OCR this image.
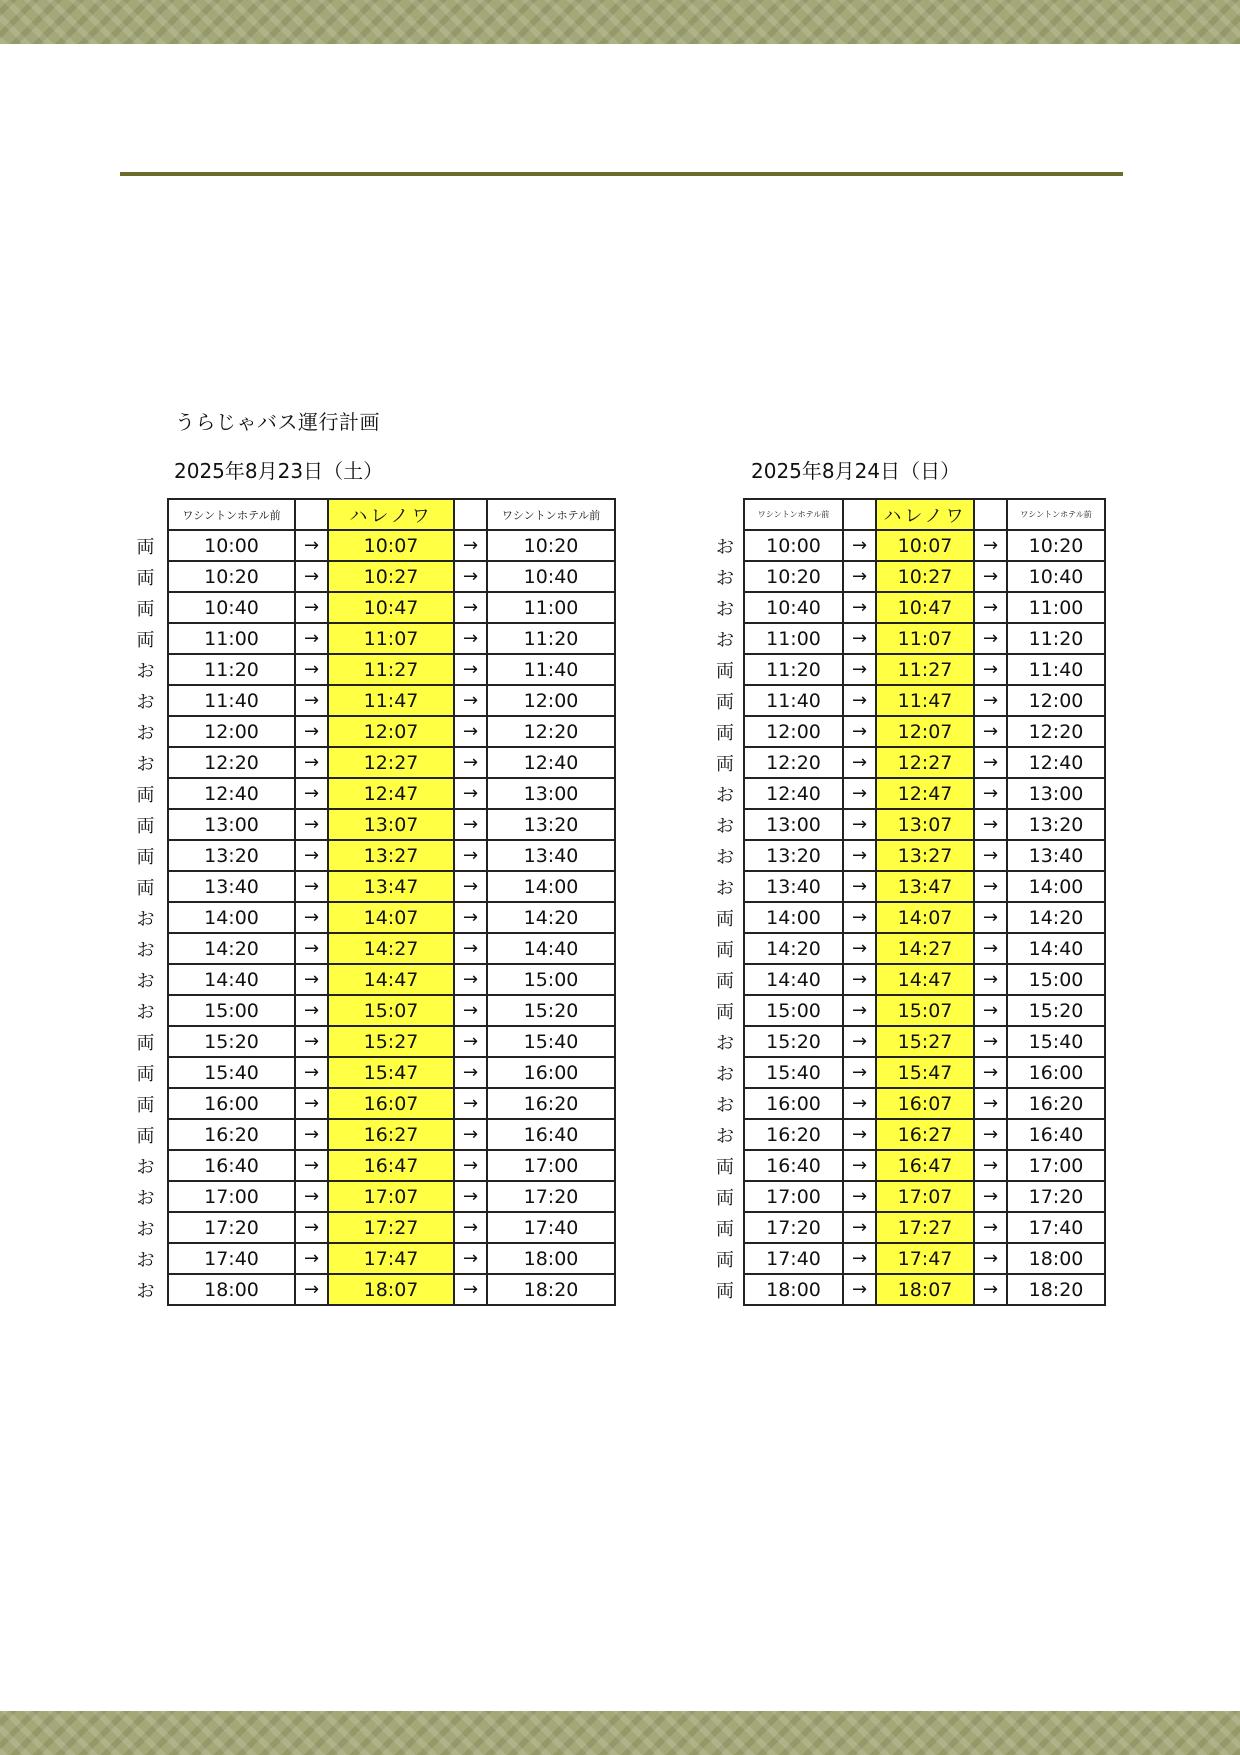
うらじゃバス運行計画
2025年8月23日（土）	2025年8月24日（日）
	ワシントンホテル前		ハレノワ		ワシントンホテル前
両	10:00	→	10:07	→	10:20
両	10:20	→	10:27	→	10:40
両	10:40	→	10:47	→	11:00
両	11:00	→	11:07	→	11:20
お	11:20	→	11:27	→	11:40
お	11:40	→	11:47	→	12:00
お	12:00	→	12:07	→	12:20
お	12:20	→	12:27	→	12:40
両	12:40	→	12:47	→	13:00
両	13:00	→	13:07	→	13:20
両	13:20	→	13:27	→	13:40
両	13:40	→	13:47	→	14:00
お	14:00	→	14:07	→	14:20
お	14:20	→	14:27	→	14:40
お	14:40	→	14:47	→	15:00
お	15:00	→	15:07	→	15:20
両	15:20	→	15:27	→	15:40
両	15:40	→	15:47	→	16:00
両	16:00	→	16:07	→	16:20
両	16:20	→	16:27	→	16:40
お	16:40	→	16:47	→	17:00
お	17:00	→	17:07	→	17:20
お	17:20	→	17:27	→	17:40
お	17:40	→	17:47	→	18:00
お	18:00	→	18:07	→	18:20
	ワシントンホテル前		ハレノワ		ワシントンホテル前
お	10:00	→	10:07	→	10:20
お	10:20	→	10:27	→	10:40
お	10:40	→	10:47	→	11:00
お	11:00	→	11:07	→	11:20
両	11:20	→	11:27	→	11:40
両	11:40	→	11:47	→	12:00
両	12:00	→	12:07	→	12:20
両	12:20	→	12:27	→	12:40
お	12:40	→	12:47	→	13:00
お	13:00	→	13:07	→	13:20
お	13:20	→	13:27	→	13:40
お	13:40	→	13:47	→	14:00
両	14:00	→	14:07	→	14:20
両	14:20	→	14:27	→	14:40
両	14:40	→	14:47	→	15:00
両	15:00	→	15:07	→	15:20
お	15:20	→	15:27	→	15:40
お	15:40	→	15:47	→	16:00
お	16:00	→	16:07	→	16:20
お	16:20	→	16:27	→	16:40
両	16:40	→	16:47	→	17:00
両	17:00	→	17:07	→	17:20
両	17:20	→	17:27	→	17:40
両	17:40	→	17:47	→	18:00
両	18:00	→	18:07	→	18:20
